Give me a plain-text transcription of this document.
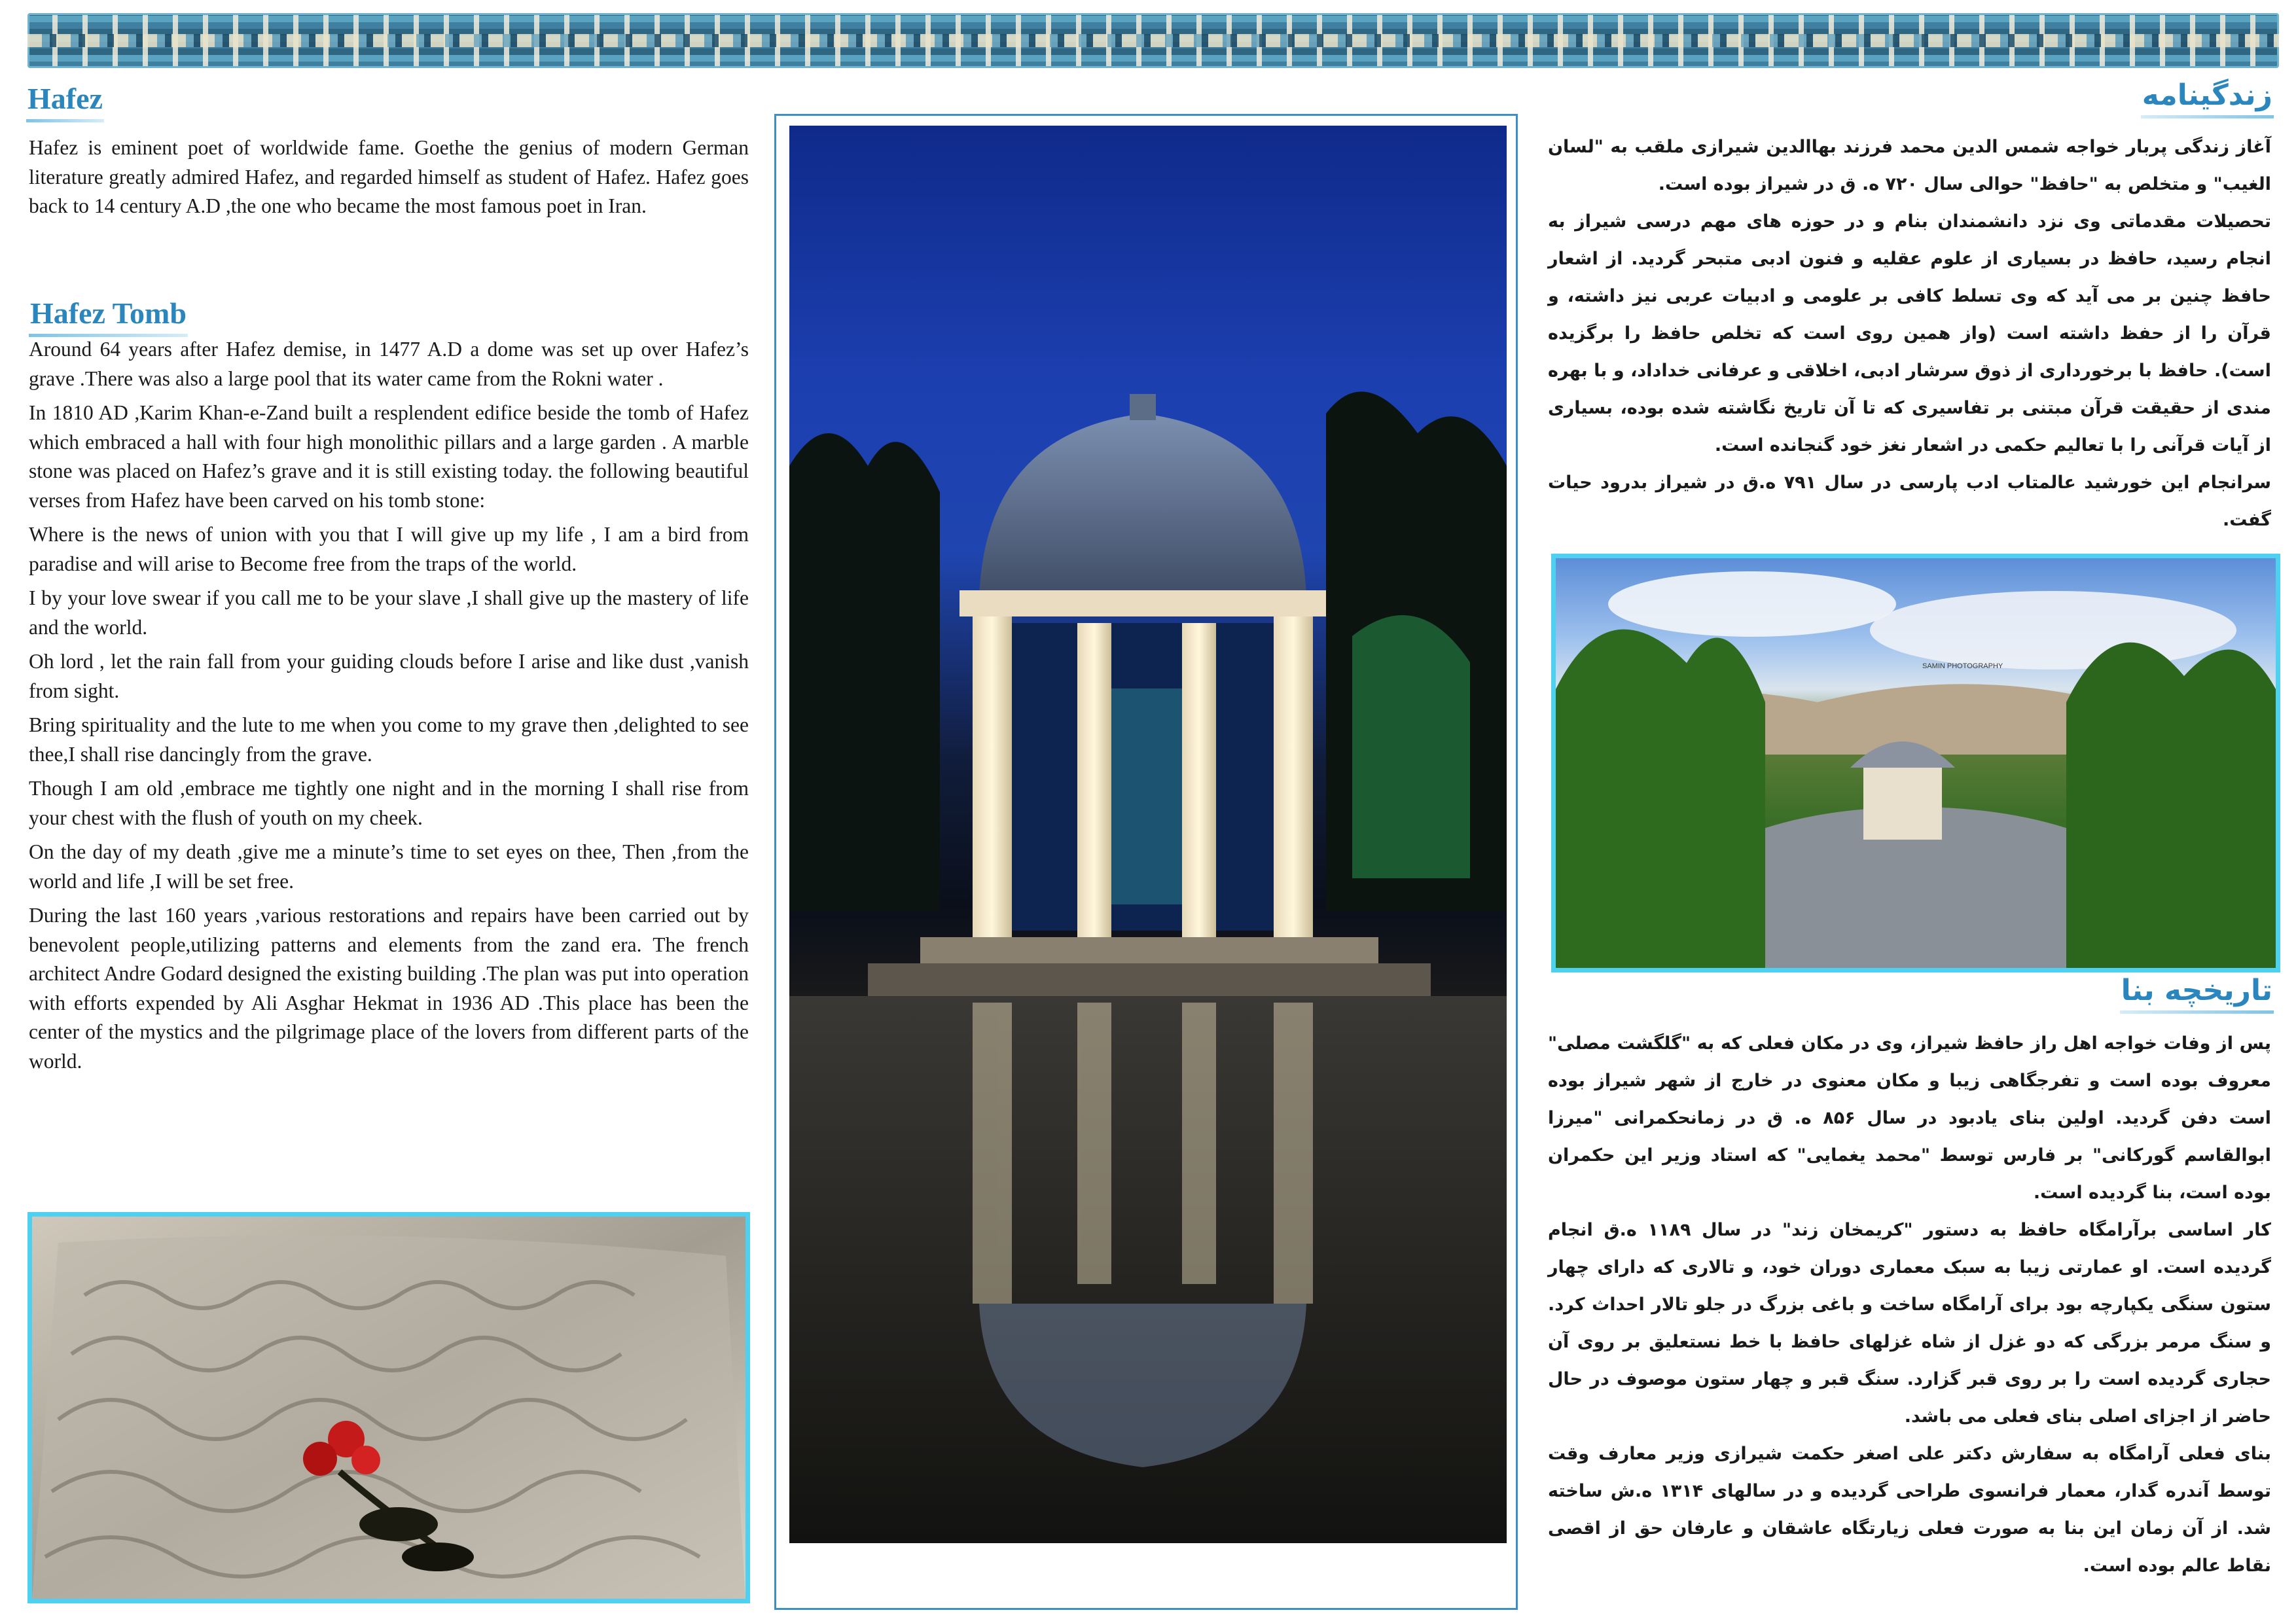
Hafez

Hafez is eminent poet of worldwide fame. Goethe the genius of modern German literature greatly admired Hafez, and regarded himself as student of Hafez. Hafez goes back to 14 century A.D ,the one who became the most famous poet in Iran.

Hafez Tomb

Around 64 years after Hafez demise, in 1477 A.D a dome was set up over Hafez’s grave .There was also a large pool that its water came from the Rokni water .

In 1810 AD ,Karim Khan-e-Zand built a resplendent edifice beside the tomb of Hafez which embraced a hall with four high monolithic pillars and a large garden . A marble stone was placed on Hafez’s grave and it is still existing today. the following beautiful verses from Hafez have been carved on his tomb stone:

Where is the news of union with you that I will give up my life , I am a bird from paradise and will arise to Become free from the traps of the world.

I by your love swear if you call me to be your slave ,I shall give up the mastery of life and the world.

Oh lord , let the rain fall from your guiding clouds before I arise and like dust ,vanish from sight.

Bring spirituality and the lute to me when you come to my grave then ,delighted to see thee,I shall rise dancingly from the grave.

Though I am old ,embrace me tightly one night and in the morning I shall rise from your chest with the flush of youth on my cheek.

On the day of my death ,give me a minute’s time to set eyes on thee, Then ,from the world and life ,I will be set free.

During the last 160 years ,various restorations and repairs have been carried out by benevolent people,utilizing patterns and elements from the zand era. The french architect Andre Godard designed the existing building .The plan was put into operation with efforts expended by Ali Asghar Hekmat in 1936 AD .This place has been the center of the mystics and the pilgrimage place of the lovers from different parts of the world.

زندگینامه

آغاز زندگی پربار خواجه شمس الدین محمد فرزند بهاالدین شیرازی ملقب به "لسان الغیب" و متخلص به "حافظ" حوالی سال ۷۲۰ ه. ق در شیراز بوده است.

تحصیلات مقدماتی وی نزد دانشمندان بنام و در حوزه های مهم درسی شیراز به انجام رسید، حافظ در بسیاری از علوم عقلیه و فنون ادبی متبحر گردید. از اشعار حافظ چنین بر می آید که وی تسلط کافی بر علومی و ادبیات عربی نیز داشته، و قرآن را از حفظ داشته است (واز همین روی است که تخلص حافظ را برگزیده است). حافظ با برخورداری از ذوق سرشار ادبی، اخلاقی و عرفانی خداداد، و با بهره مندی از حقیقت قرآن مبتنی بر تفاسیری که تا آن تاریخ نگاشته شده بوده، بسیاری از آیات قرآنی را با تعالیم حکمی در اشعار نغز خود گنجانده است.

سرانجام این خورشید عالمتاب ادب پارسی در سال ۷۹۱ ه.ق در شیراز بدرود حیات گفت.

SAMIN PHOTOGRAPHY
تاریخچه بنا

پس از وفات خواجه اهل راز حافظ شیراز، وی در مکان فعلی که به "گلگشت مصلی" معروف بوده است و تفرجگاهی زیبا و مکان معنوی در خارج از شهر شیراز بوده است دفن گردید. اولین بنای یادبود در سال ۸۵۶ ه. ق در زمانحکمرانی "میرزا ابوالقاسم گورکانی" بر فارس توسط "محمد یغمایی" که استاد وزیر این حکمران بوده است، بنا گردیده است.

کار اساسی برآرامگاه حافظ به دستور "کریمخان زند" در سال ۱۱۸۹ ه.ق انجام گردیده است. او عمارتی زیبا به سبک معماری دوران خود، و تالاری که دارای چهار ستون سنگی یکپارچه بود برای آرامگاه ساخت و باغی بزرگ در جلو تالار احداث کرد. و سنگ مرمر بزرگی که دو غزل از شاه غزلهای حافظ با خط نستعلیق بر روی آن حجاری گردیده است را بر روی قبر گزارد. سنگ قبر و چهار ستون موصوف در حال حاضر از اجزای اصلی بنای فعلی می باشد.

بنای فعلی آرامگاه به سفارش دکتر علی اصغر حکمت شیرازی وزیر معارف وقت توسط آندره گدار، معمار فرانسوی طراحی گردیده و در سالهای ۱۳۱۴ ه.ش ساخته شد. از آن زمان این بنا به صورت فعلی زیارتگاه عاشقان و عارفان حق از اقصی نقاط عالم بوده است.
